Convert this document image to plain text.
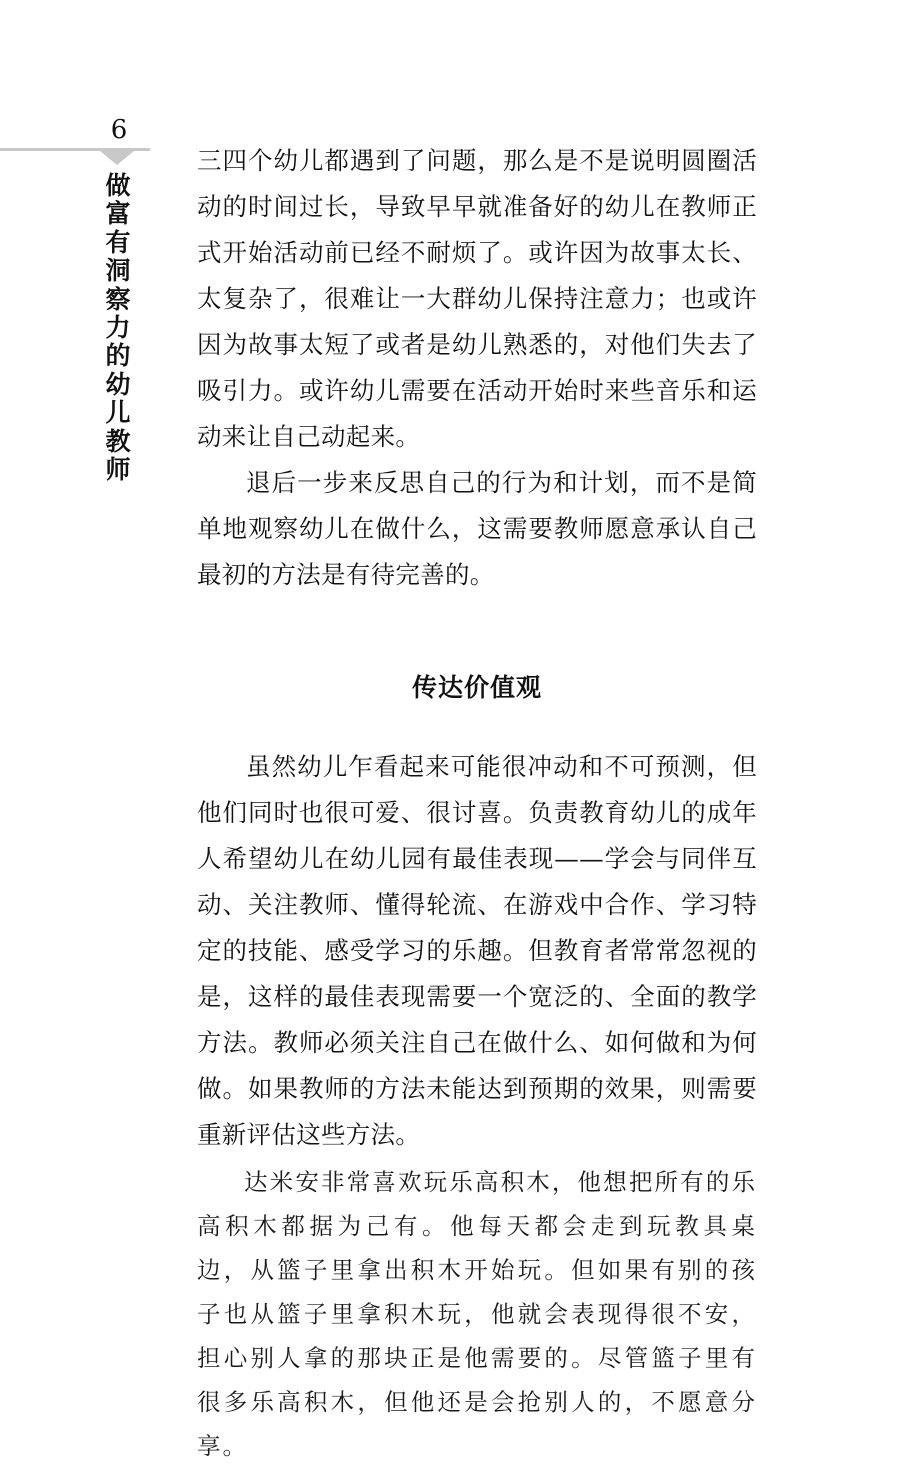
6
做富有洞察力的幼儿教师

三四个幼儿都遇到了问题，那么是不是说明圆圈活动的时间过长，导致早早就准备好的幼儿在教师正式开始活动前已经不耐烦了。或许因为故事太长、太复杂了，很难让一大群幼儿保持注意力；也或许因为故事太短了或者是幼儿熟悉的，对他们失去了吸引力。或许幼儿需要在活动开始时来些音乐和运动来让自己动起来。

退后一步来反思自己的行为和计划，而不是简单地观察幼儿在做什么，这需要教师愿意承认自己最初的方法是有待完善的。

传达价值观

虽然幼儿乍看起来可能很冲动和不可预测，但他们同时也很可爱、很讨喜。负责教育幼儿的成年人希望幼儿在幼儿园有最佳表现——学会与同伴互动、关注教师、懂得轮流、在游戏中合作、学习特定的技能、感受学习的乐趣。但教育者常常忽视的是，这样的最佳表现需要一个宽泛的、全面的教学方法。教师必须关注自己在做什么、如何做和为何做。如果教师的方法未能达到预期的效果，则需要重新评估这些方法。

达米安非常喜欢玩乐高积木，他想把所有的乐高积木都据为己有。他每天都会走到玩教具桌边，从篮子里拿出积木开始玩。但如果有别的孩子也从篮子里拿积木玩，他就会表现得很不安，担心别人拿的那块正是他需要的。尽管篮子里有很多乐高积木，但他还是会抢别人的，不愿意分享。
